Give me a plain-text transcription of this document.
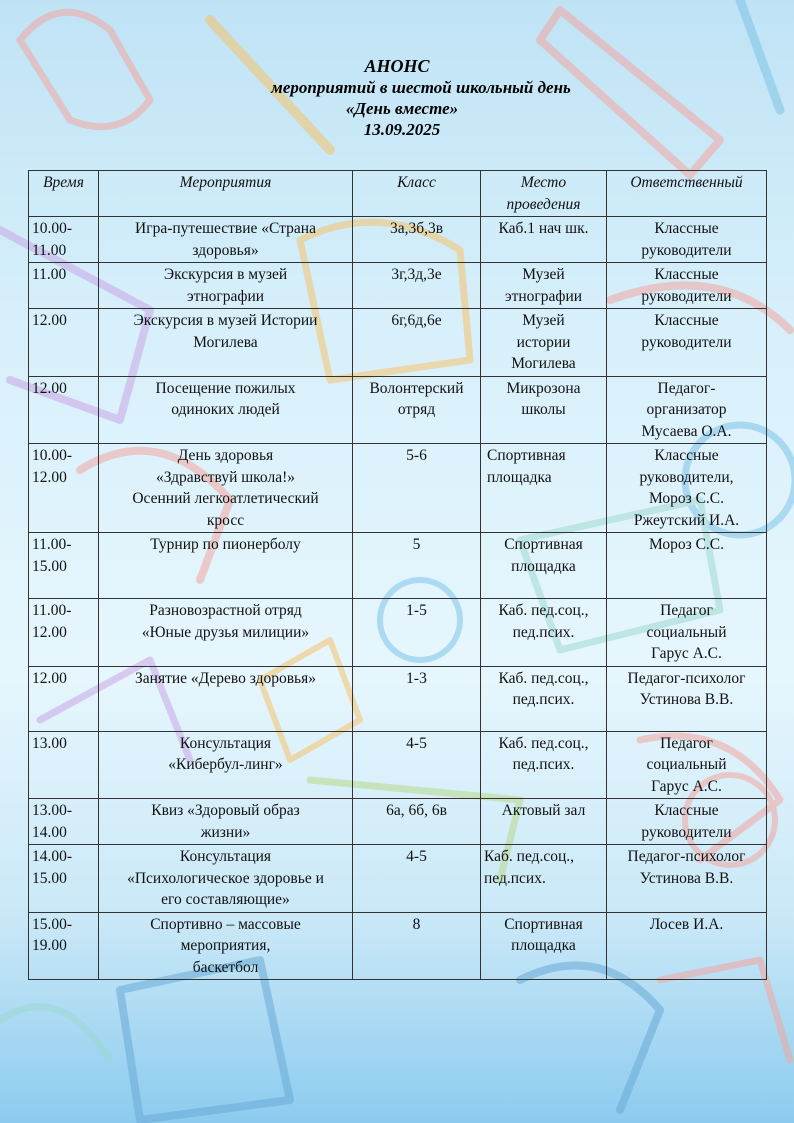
АНОНС
мероприятий в шестой школьный день
«День вместе»
13.09.2025
Время	Мероприятия	Класс	Место
проведения	Ответственный

10.00-
11.00	Игра-путешествие «Страна
здоровья»	3а,3б,3в	Каб.1 нач шк.	Классные
руководители

11.00	Экскурсия в музей
этнографии	3г,3д,3е	Музей
этнографии	Классные
руководители

12.00	Экскурсия в музей Истории
Могилева	6г,6д,6е	Музей
истории
Могилева	Классные
руководители

12.00	Посещение пожилых
одиноких людей	Волонтерский
отряд	Микрозона
школы	Педагог-
организатор
Мусаева О.А.

10.00-
12.00	День здоровья
«Здравствуй школа!»
Осенний легкоатлетический
кросс	5-6	Спортивная
площадка	Классные
руководители,
Мороз С.С.
Ржеутский И.А.

11.00-
15.00	Турнир по пионерболу	5	Спортивная
площадка	Мороз С.С.

11.00-
12.00	Разновозрастной отряд
«Юные друзья милиции»	1-5	Каб. пед.соц.,
пед.псих.	Педагог
социальный
Гарус А.С.

12.00	Занятие «Дерево здоровья»	1-3	Каб. пед.соц.,
пед.псих.	Педагог-психолог
Устинова В.В.

13.00	Консультация
«Кибербул-линг»	4-5	Каб. пед.соц.,
пед.псих.	Педагог
социальный
Гарус А.С.

13.00-
14.00	Квиз «Здоровый образ
жизни»	6а, 6б, 6в	Актовый зал	Классные
руководители

14.00-
15.00	Консультация
«Психологическое здоровье и
его составляющие»	4-5	Каб. пед.соц.,
пед.псих.	Педагог-психолог
Устинова В.В.

15.00-
19.00	Спортивно – массовые
мероприятия,
баскетбол	8	Спортивная
площадка	Лосев И.А.
